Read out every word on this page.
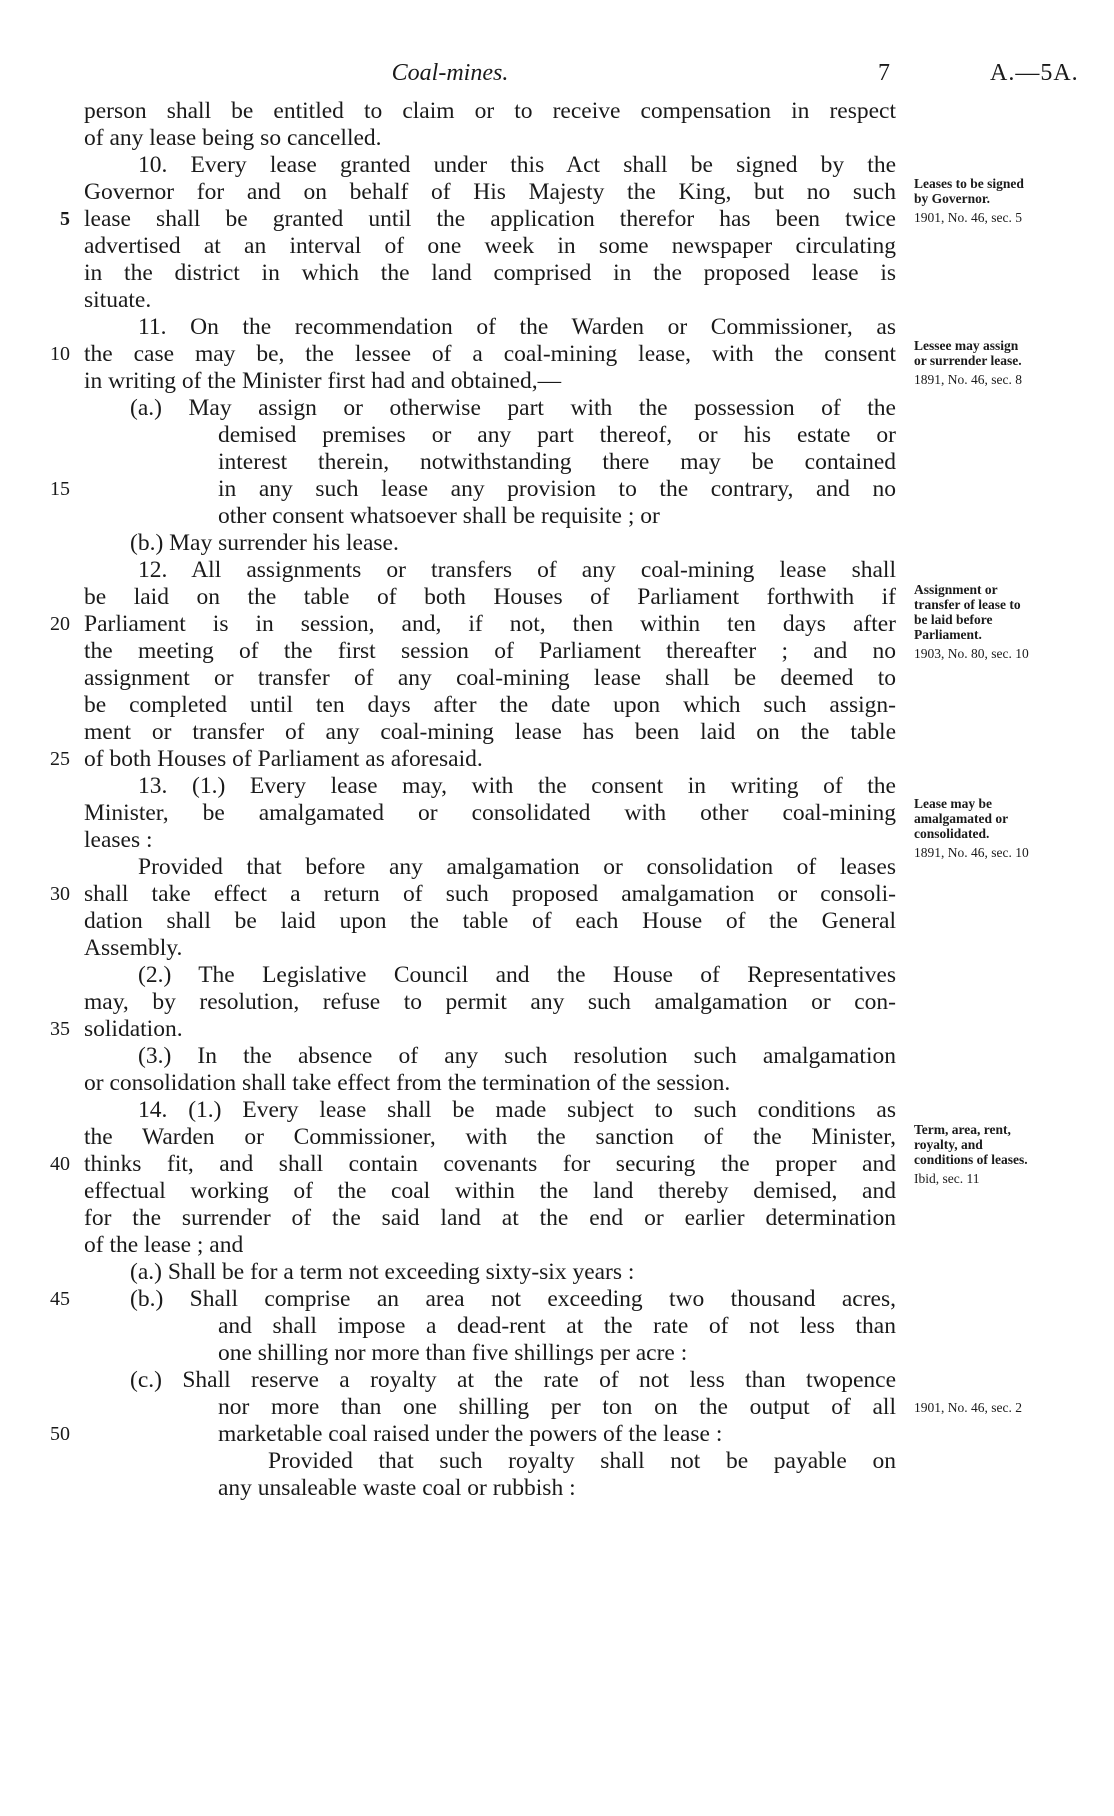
Coal-mines.	7	A.—5A.
person shall be entitled to claim or to receive compensation in respect
of any lease being so cancelled.
10. Every lease granted under this Act shall be signed by the
Governor for and on behalf of His Majesty the King, but no such
lease shall be granted until the application therefor has been twice
advertised at an interval of one week in some newspaper circulating
in the district in which the land comprised in the proposed lease is
situate.
11. On the recommendation of the Warden or Commissioner, as
the case may be, the lessee of a coal-mining lease, with the consent
in writing of the Minister first had and obtained,—
(a.) May assign or otherwise part with the possession of the
demised premises or any part thereof, or his estate or
interest therein, notwithstanding there may be contained
in any such lease any provision to the contrary, and no
other consent whatsoever shall be requisite ; or
(b.) May surrender his lease.
12. All assignments or transfers of any coal-mining lease shall
be laid on the table of both Houses of Parliament forthwith if
Parliament is in session, and, if not, then within ten days after
the meeting of the first session of Parliament thereafter ; and no
assignment or transfer of any coal-mining lease shall be deemed to
be completed until ten days after the date upon which such assign-
ment or transfer of any coal-mining lease has been laid on the table
of both Houses of Parliament as aforesaid.
13. (1.) Every lease may, with the consent in writing of the
Minister, be amalgamated or consolidated with other coal-mining
leases :
Provided that before any amalgamation or consolidation of leases
shall take effect a return of such proposed amalgamation or consoli-
dation shall be laid upon the table of each House of the General
Assembly.
(2.) The Legislative Council and the House of Representatives
may, by resolution, refuse to permit any such amalgamation or con-
solidation.
(3.) In the absence of any such resolution such amalgamation
or consolidation shall take effect from the termination of the session.
14. (1.) Every lease shall be made subject to such conditions as
the Warden or Commissioner, with the sanction of the Minister,
thinks fit, and shall contain covenants for securing the proper and
effectual working of the coal within the land thereby demised, and
for the surrender of the said land at the end or earlier determination
of the lease ; and
(a.) Shall be for a term not exceeding sixty-six years :
(b.) Shall comprise an area not exceeding two thousand acres,
and shall impose a dead-rent at the rate of not less than
one shilling nor more than five shillings per acre :
(c.) Shall reserve a royalty at the rate of not less than twopence
nor more than one shilling per ton on the output of all
marketable coal raised under the powers of the lease :
Provided that such royalty shall not be payable on
any unsaleable waste coal or rubbish :
5
10
15
20
25
30
35
40
45
50
Leases to be signed
by Governor.
1901, No. 46, sec. 5
Lessee may assign
or surrender lease.
1891, No. 46, sec. 8
Assignment or
transfer of lease to
be laid before
Parliament.
1903, No. 80, sec. 10
Lease may be
amalgamated or
consolidated.
1891, No. 46, sec. 10
Term, area, rent,
royalty, and
conditions of leases.
Ibid, sec. 11
1901, No. 46, sec. 2
